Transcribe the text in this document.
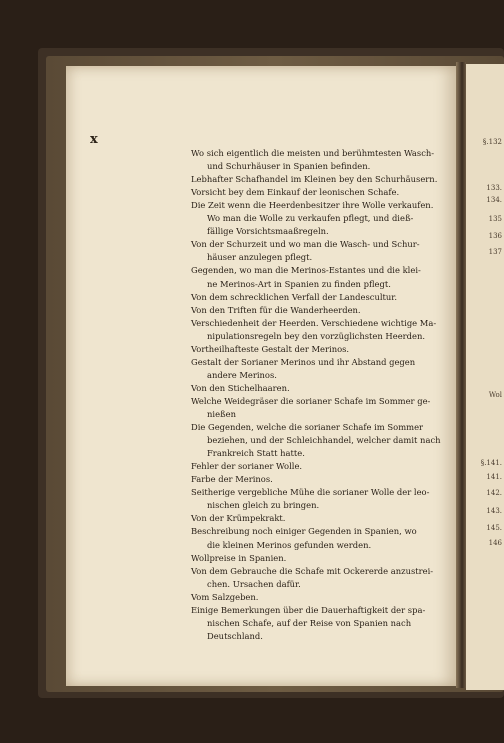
§.132
133.
134.
135
136
137
Wol
§.141.
141.
142.
143.
145.
146
x
Wo sich eigentlich die meisten und berühmtesten Wasch-
und Schurhäuser in Spanien befinden.
Lebhafter Schafhandel im Kleinen bey den Schurhäusern.
Vorsicht bey dem Einkauf der leonischen Schafe.
Die Zeit wenn die Heerdenbesitzer ihre Wolle verkaufen.
Wo man die Wolle zu verkaufen pflegt, und dieß-
fällige Vorsichtsmaaßregeln.
Von der Schurzeit und wo man die Wasch- und Schur-
häuser anzulegen pflegt.
Gegenden, wo man die Merinos-Estantes und die klei-
ne Merinos-Art in Spanien zu finden pflegt.
Von dem schrecklichen Verfall der Landescultur.
Von den Triften für die Wanderheerden.
Verschiedenheit der Heerden. Verschiedene wichtige Ma-
nipulationsregeln bey den vorzüglichsten Heerden.
Vortheilhafteste Gestalt der Merinos.
Gestalt der Sorianer Merinos und ihr Abstand gegen
andere Merinos.
Von den Stichelhaaren.
Welche Weidegräser die sorianer Schafe im Sommer ge-
nießen
Die Gegenden, welche die sorianer Schafe im Sommer
beziehen, und der Schleichhandel, welcher damit nach
Frankreich Statt hatte.
Fehler der sorianer Wolle.
Farbe der Merinos.
Seitherige vergebliche Mühe die sorianer Wolle der leo-
nischen gleich zu bringen.
Von der Krümpekrakt.
Beschreibung noch einiger Gegenden in Spanien, wo
die kleinen Merinos gefunden werden.
Wollpreise in Spanien.
Von dem Gebrauche die Schafe mit Ockererde anzustrei-
chen. Ursachen dafür.
Vom Salzgeben.
Einige Bemerkungen über die Dauerhaftigkeit der spa-
nischen Schafe, auf der Reise von Spanien nach
Deutschland.
